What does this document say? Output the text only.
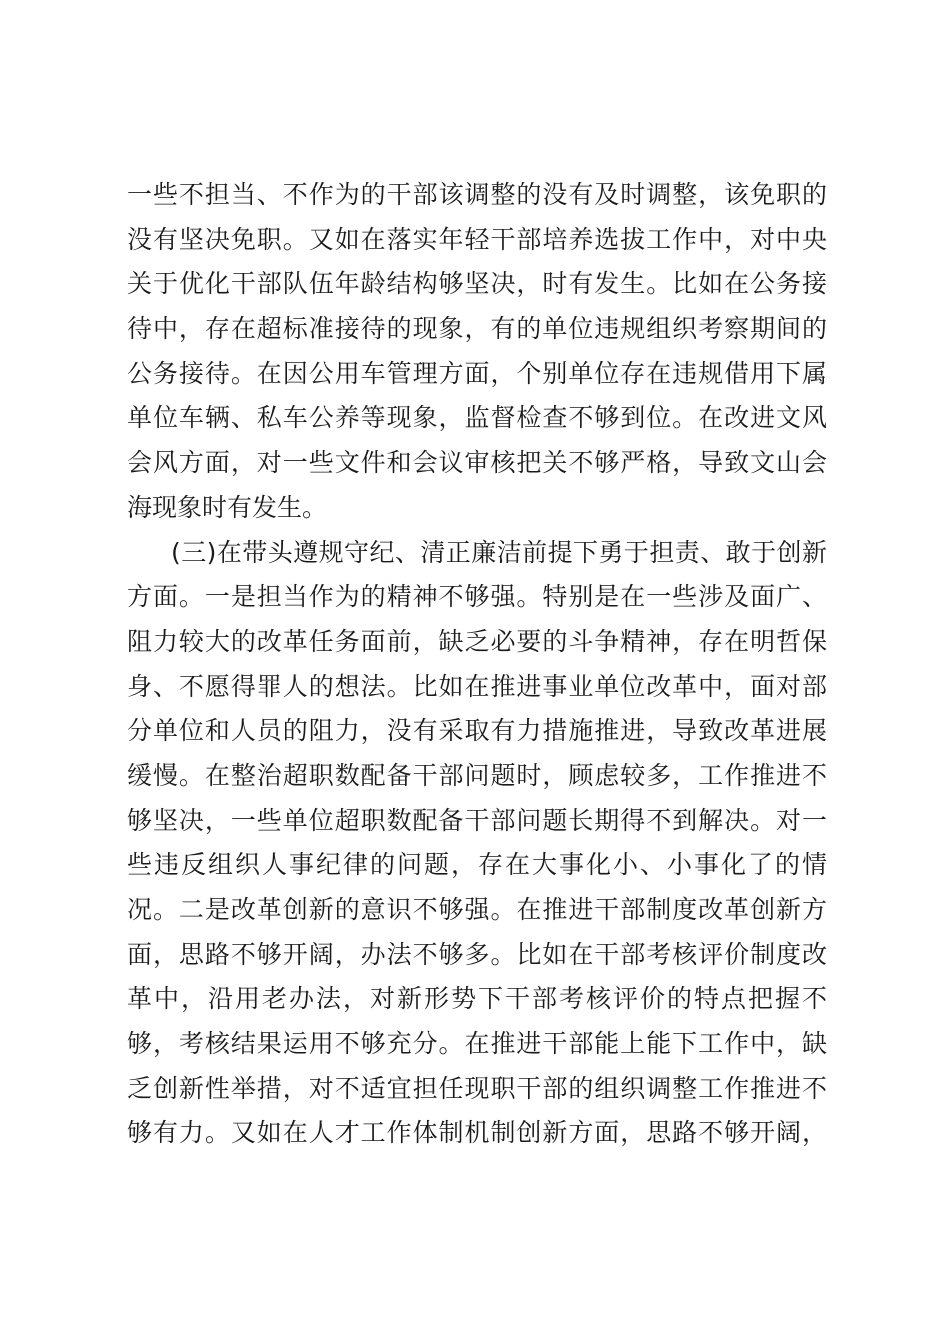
一些不担当、不作为的干部该调整的没有及时调整，该免职的
没有坚决免职。又如在落实年轻干部培养选拔工作中，对中央
关于优化干部队伍年龄结构够坚决，时有发生。比如在公务接
待中，存在超标准接待的现象，有的单位违规组织考察期间的
公务接待。在因公用车管理方面，个别单位存在违规借用下属
单位车辆、私车公养等现象，监督检查不够到位。在改进文风
会风方面，对一些文件和会议审核把关不够严格，导致文山会
海现象时有发生。
(三)在带头遵规守纪、清正廉洁前提下勇于担责、敢于创新
方面。一是担当作为的精神不够强。特别是在一些涉及面广、
阻力较大的改革任务面前，缺乏必要的斗争精神，存在明哲保
身、不愿得罪人的想法。比如在推进事业单位改革中，面对部
分单位和人员的阻力，没有采取有力措施推进，导致改革进展
缓慢。在整治超职数配备干部问题时，顾虑较多，工作推进不
够坚决，一些单位超职数配备干部问题长期得不到解决。对一
些违反组织人事纪律的问题，存在大事化小、小事化了的情
况。二是改革创新的意识不够强。在推进干部制度改革创新方
面，思路不够开阔，办法不够多。比如在干部考核评价制度改
革中，沿用老办法，对新形势下干部考核评价的特点把握不
够，考核结果运用不够充分。在推进干部能上能下工作中，缺
乏创新性举措，对不适宜担任现职干部的组织调整工作推进不
够有力。又如在人才工作体制机制创新方面，思路不够开阔，
